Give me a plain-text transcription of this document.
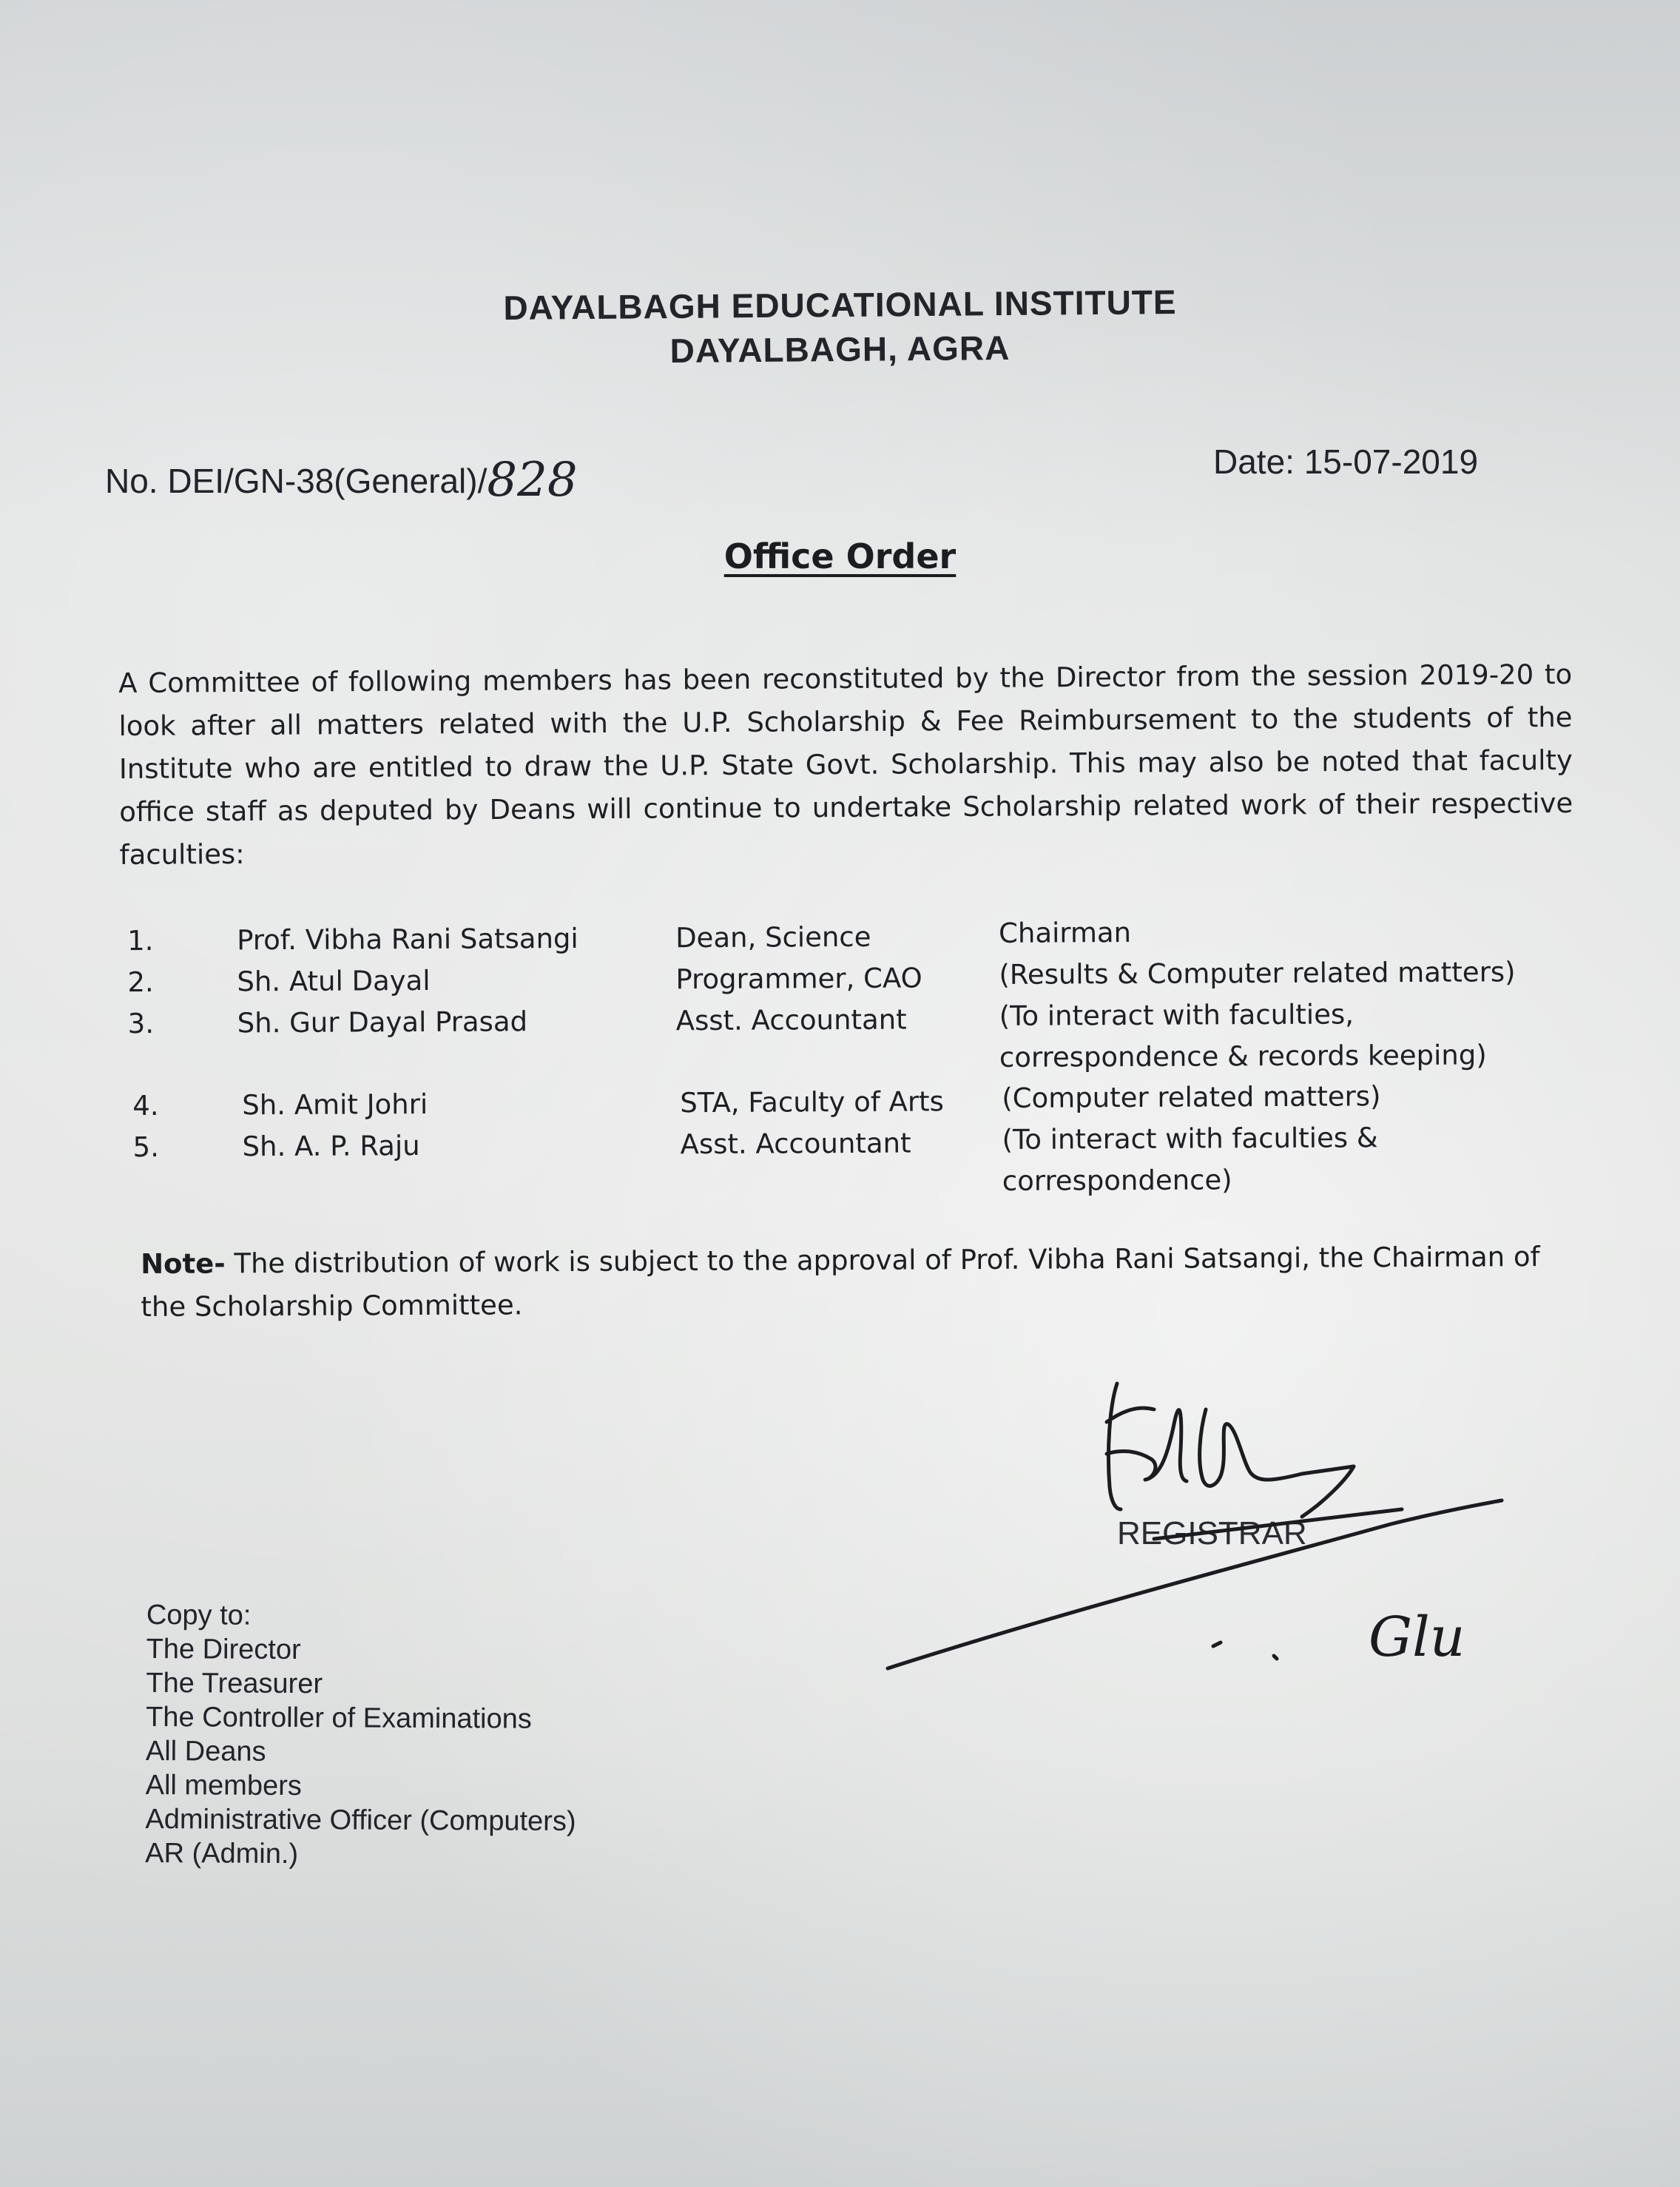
DAYALBAGH EDUCATIONAL INSTITUTE
DAYALBAGH, AGRA
No. DEI/GN-38(General)/828	Date: 15-07-2019
Office Order
A Committee of following members has been reconstituted by the Director from the session 2019-20 to look after all matters related with the U.P. Scholarship & Fee Reimbursement to the students of the Institute who are entitled to draw the U.P. State Govt. Scholarship. This may also be noted that faculty office staff as deputed by Deans will continue to undertake Scholarship related work of their respective faculties:
1.	Prof. Vibha Rani Satsangi	Dean, Science	Chairman
2.	Sh. Atul Dayal	Programmer, CAO	(Results & Computer related matters)
3.	Sh. Gur Dayal Prasad	Asst. Accountant	(To interact with faculties,
correspondence & records keeping)
4.	Sh. Amit Johri	STA, Faculty of Arts (Computer related matters)
5.	Sh. A. P. Raju	Asst. Accountant	(To interact with faculties &
correspondence)
Note- The distribution of work is subject to the approval of Prof. Vibha Rani Satsangi, the Chairman of the Scholarship Committee.
REGISTRAR
Copy to:
The Director
The Treasurer
The Controller of Examinations
All Deans
All members
Administrative Officer (Computers)
AR (Admin.)
Glu
